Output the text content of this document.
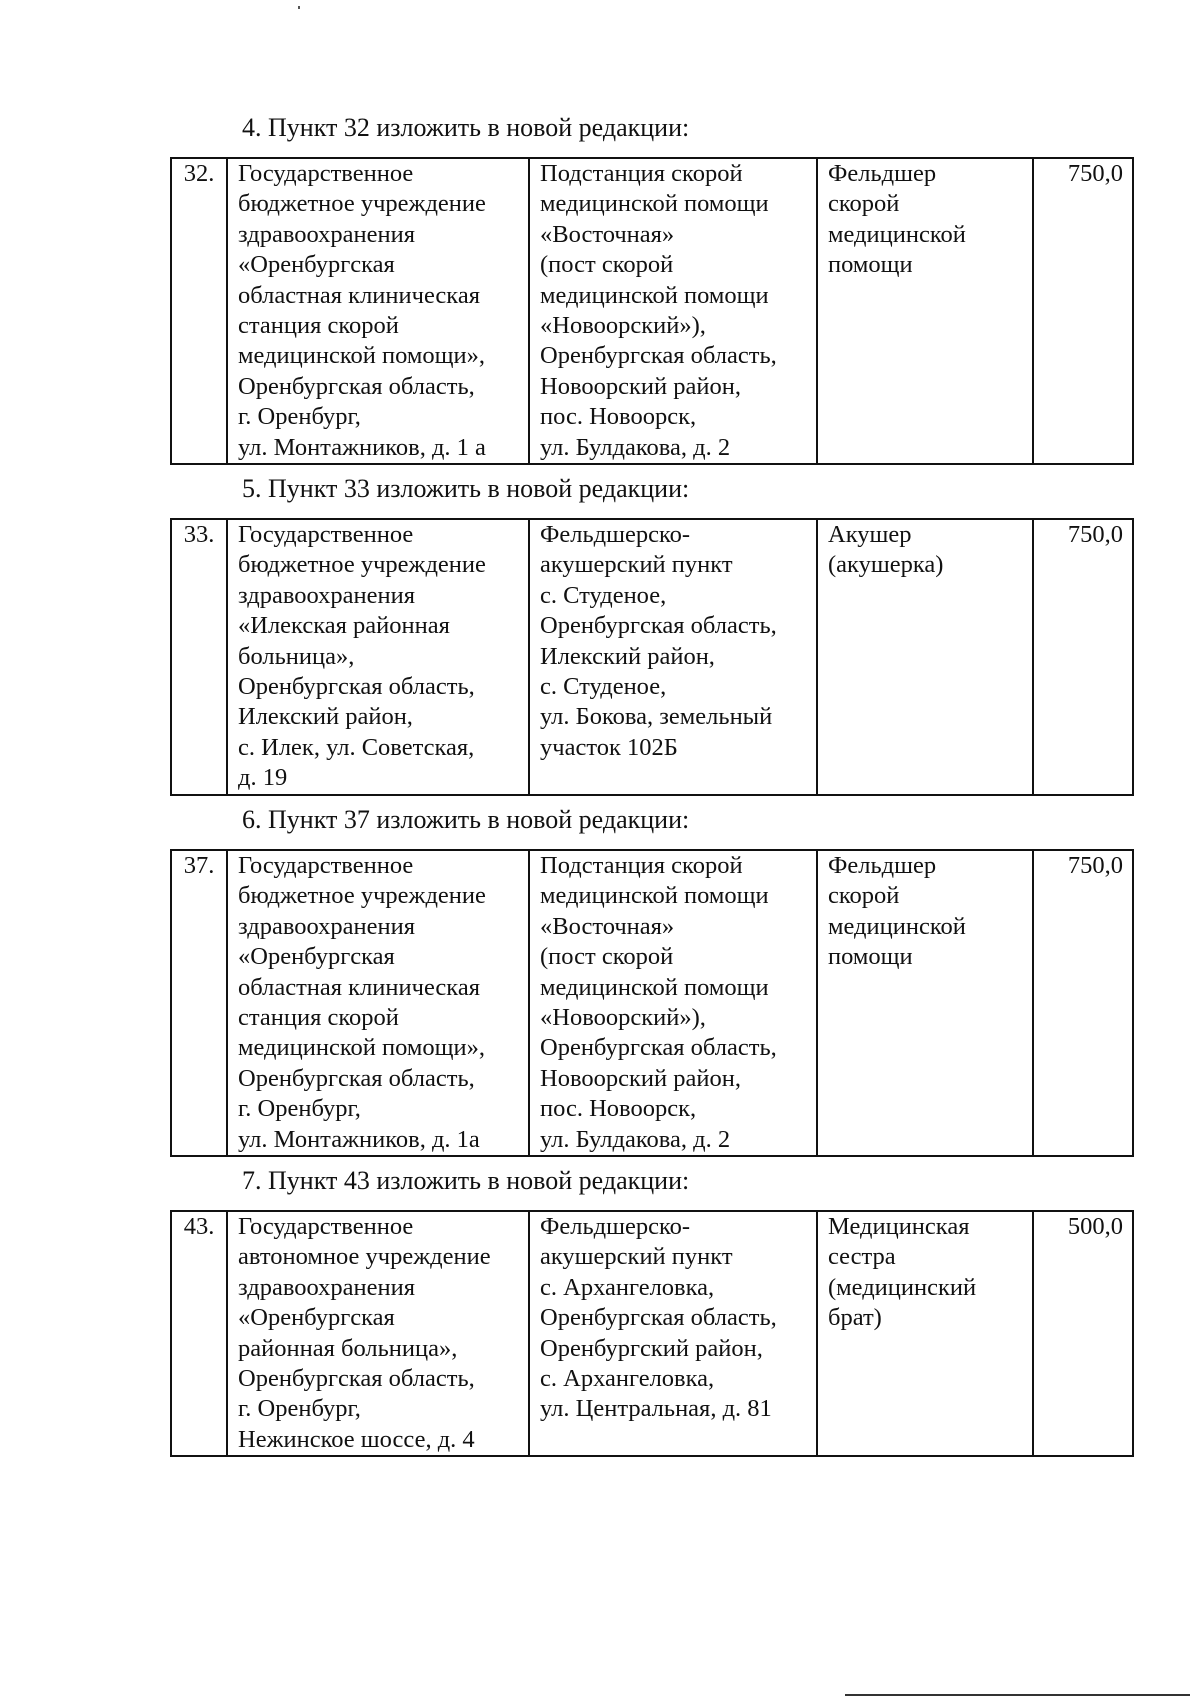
4. Пункт 32 изложить в новой редакции:
32.	Государственное
бюджетное учреждение
здравоохранения
«Оренбургская
областная клиническая
станция скорой
медицинской помощи»,
Оренбургская область,
г. Оренбург,
ул. Монтажников, д. 1 а	Подстанция скорой
медицинской помощи
«Восточная»
(пост скорой
медицинской помощи
«Новоорский»),
Оренбургская область,
Новоорский район,
пос. Новоорск,
ул. Булдакова, д. 2	Фельдшер
скорой
медицинской
помощи	750,0
5. Пункт 33 изложить в новой редакции:
33.	Государственное
бюджетное учреждение
здравоохранения
«Илекская районная
больница»,
Оренбургская область,
Илекский район,
с. Илек, ул. Советская,
д. 19	Фельдшерско-
акушерский пункт
с. Студеное,
Оренбургская область,
Илекский район,
с. Студеное,
ул. Бокова, земельный
участок 102Б	Акушер
(акушерка)	750,0
6. Пункт 37 изложить в новой редакции:
37.	Государственное
бюджетное учреждение
здравоохранения
«Оренбургская
областная клиническая
станция скорой
медицинской помощи»,
Оренбургская область,
г. Оренбург,
ул. Монтажников, д. 1а	Подстанция скорой
медицинской помощи
«Восточная»
(пост скорой
медицинской помощи
«Новоорский»),
Оренбургская область,
Новоорский район,
пос. Новоорск,
ул. Булдакова, д. 2	Фельдшер
скорой
медицинской
помощи	750,0
7. Пункт 43 изложить в новой редакции:
43.	Государственное
автономное учреждение
здравоохранения
«Оренбургская
районная больница»,
Оренбургская область,
г. Оренбург,
Нежинское шоссе, д. 4	Фельдшерско-
акушерский пункт
с. Архангеловка,
Оренбургская область,
Оренбургский район,
с. Архангеловка,
ул. Центральная, д. 81	Медицинская
сестра
(медицинский
брат)	500,0
